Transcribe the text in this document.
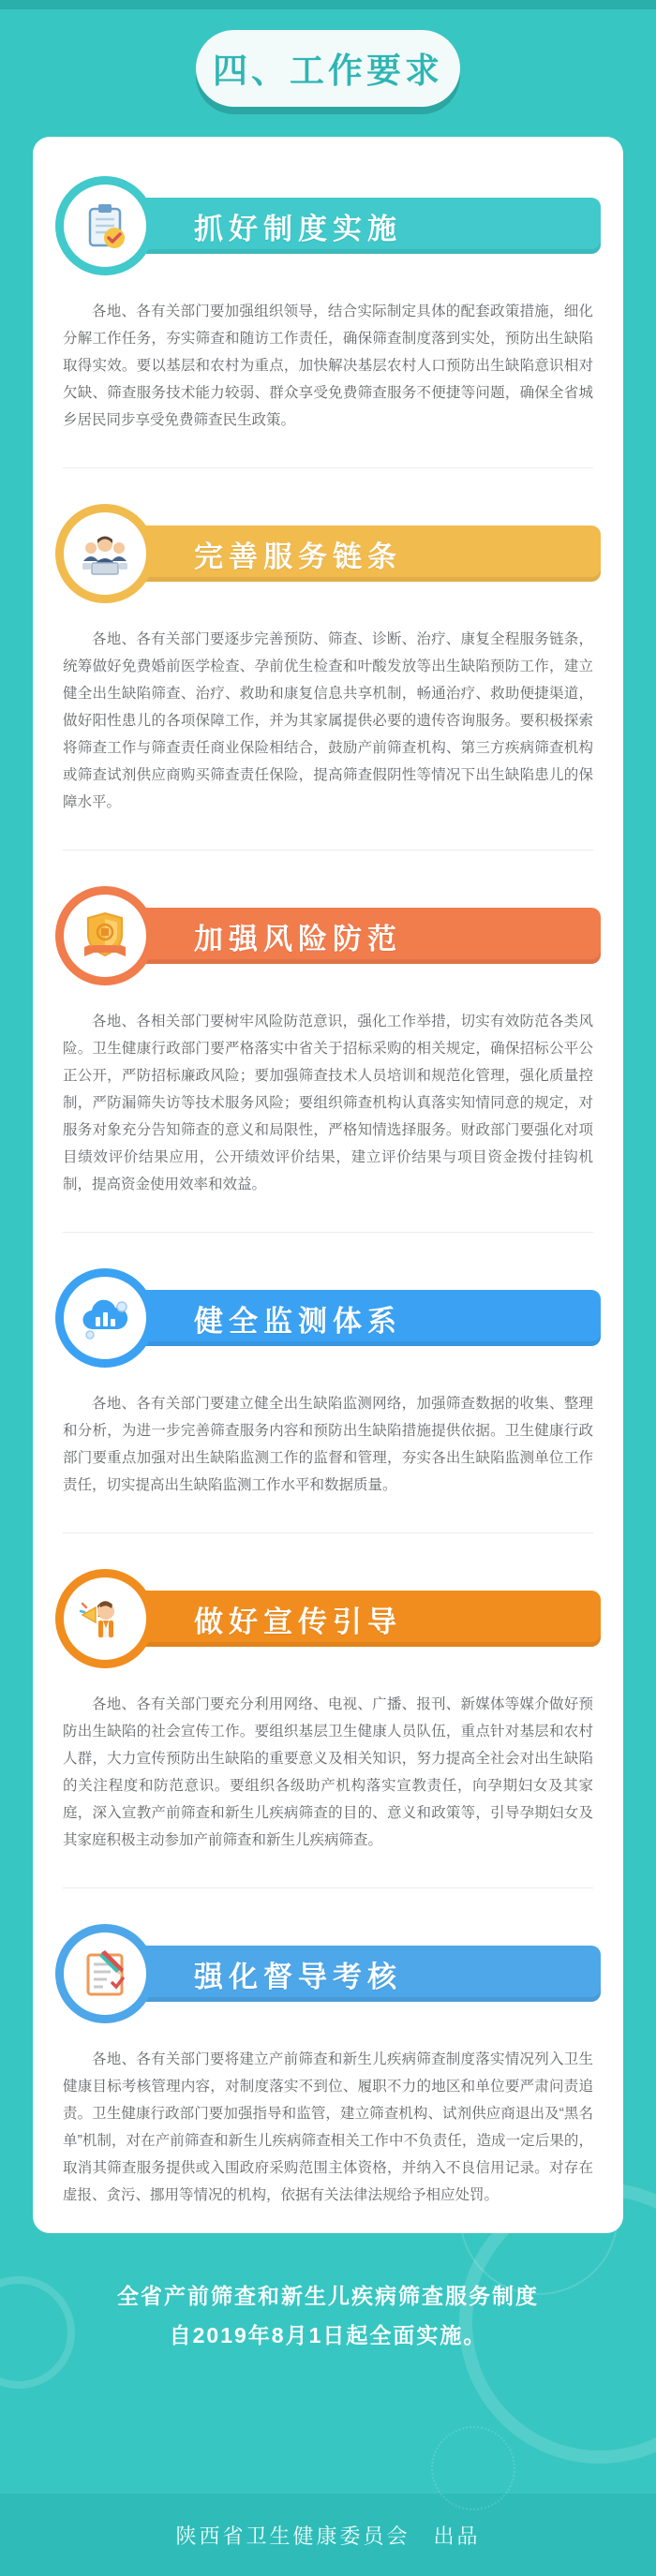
四、工作要求
抓好制度实施

各地、各有关部门要加强组织领导，结合实际制定具体的配套政策措施，细化分解工作任务，夯实筛查和随访工作责任，确保筛查制度落到实处，预防出生缺陷取得实效。要以基层和农村为重点，加快解决基层农村人口预防出生缺陷意识相对欠缺、筛查服务技术能力较弱、群众享受免费筛查服务不便捷等问题，确保全省城乡居民同步享受免费筛查民生政策。

完善服务链条

各地、各有关部门要逐步完善预防、筛查、诊断、治疗、康复全程服务链条，统筹做好免费婚前医学检查、孕前优生检查和叶酸发放等出生缺陷预防工作，建立健全出生缺陷筛查、治疗、救助和康复信息共享机制，畅通治疗、救助便捷渠道，做好阳性患儿的各项保障工作，并为其家属提供必要的遗传咨询服务。要积极探索将筛查工作与筛查责任商业保险相结合，鼓励产前筛查机构、第三方疾病筛查机构或筛查试剂供应商购买筛查责任保险，提高筛查假阴性等情况下出生缺陷患儿的保障水平。

加强风险防范

各地、各相关部门要树牢风险防范意识，强化工作举措，切实有效防范各类风险。卫生健康行政部门要严格落实中省关于招标采购的相关规定，确保招标公平公正公开，严防招标廉政风险；要加强筛查技术人员培训和规范化管理，强化质量控制，严防漏筛失访等技术服务风险；要组织筛查机构认真落实知情同意的规定，对服务对象充分告知筛查的意义和局限性，严格知情选择服务。财政部门要强化对项目绩效评价结果应用，公开绩效评价结果，建立评价结果与项目资金拨付挂钩机制，提高资金使用效率和效益。

健全监测体系

各地、各有关部门要建立健全出生缺陷监测网络，加强筛查数据的收集、整理和分析，为进一步完善筛查服务内容和预防出生缺陷措施提供依据。卫生健康行政部门要重点加强对出生缺陷监测工作的监督和管理，夯实各出生缺陷监测单位工作责任，切实提高出生缺陷监测工作水平和数据质量。

做好宣传引导

各地、各有关部门要充分利用网络、电视、广播、报刊、新媒体等媒介做好预防出生缺陷的社会宣传工作。要组织基层卫生健康人员队伍，重点针对基层和农村人群，大力宣传预防出生缺陷的重要意义及相关知识，努力提高全社会对出生缺陷的关注程度和防范意识。要组织各级助产机构落实宣教责任，向孕期妇女及其家庭，深入宣教产前筛查和新生儿疾病筛查的目的、意义和政策等，引导孕期妇女及其家庭积极主动参加产前筛查和新生儿疾病筛查。

强化督导考核

各地、各有关部门要将建立产前筛查和新生儿疾病筛查制度落实情况列入卫生健康目标考核管理内容，对制度落实不到位、履职不力的地区和单位要严肃问责追责。卫生健康行政部门要加强指导和监管，建立筛查机构、试剂供应商退出及“黑名单”机制，对在产前筛查和新生儿疾病筛查相关工作中不负责任，造成一定后果的，取消其筛查服务提供或入围政府采购范围主体资格，并纳入不良信用记录。对存在虚报、贪污、挪用等情况的机构，依据有关法律法规给予相应处罚。

全省产前筛查和新生儿疾病筛查服务制度
自2019年8月1日起全面实施。
陕西省卫生健康委员会　出品
